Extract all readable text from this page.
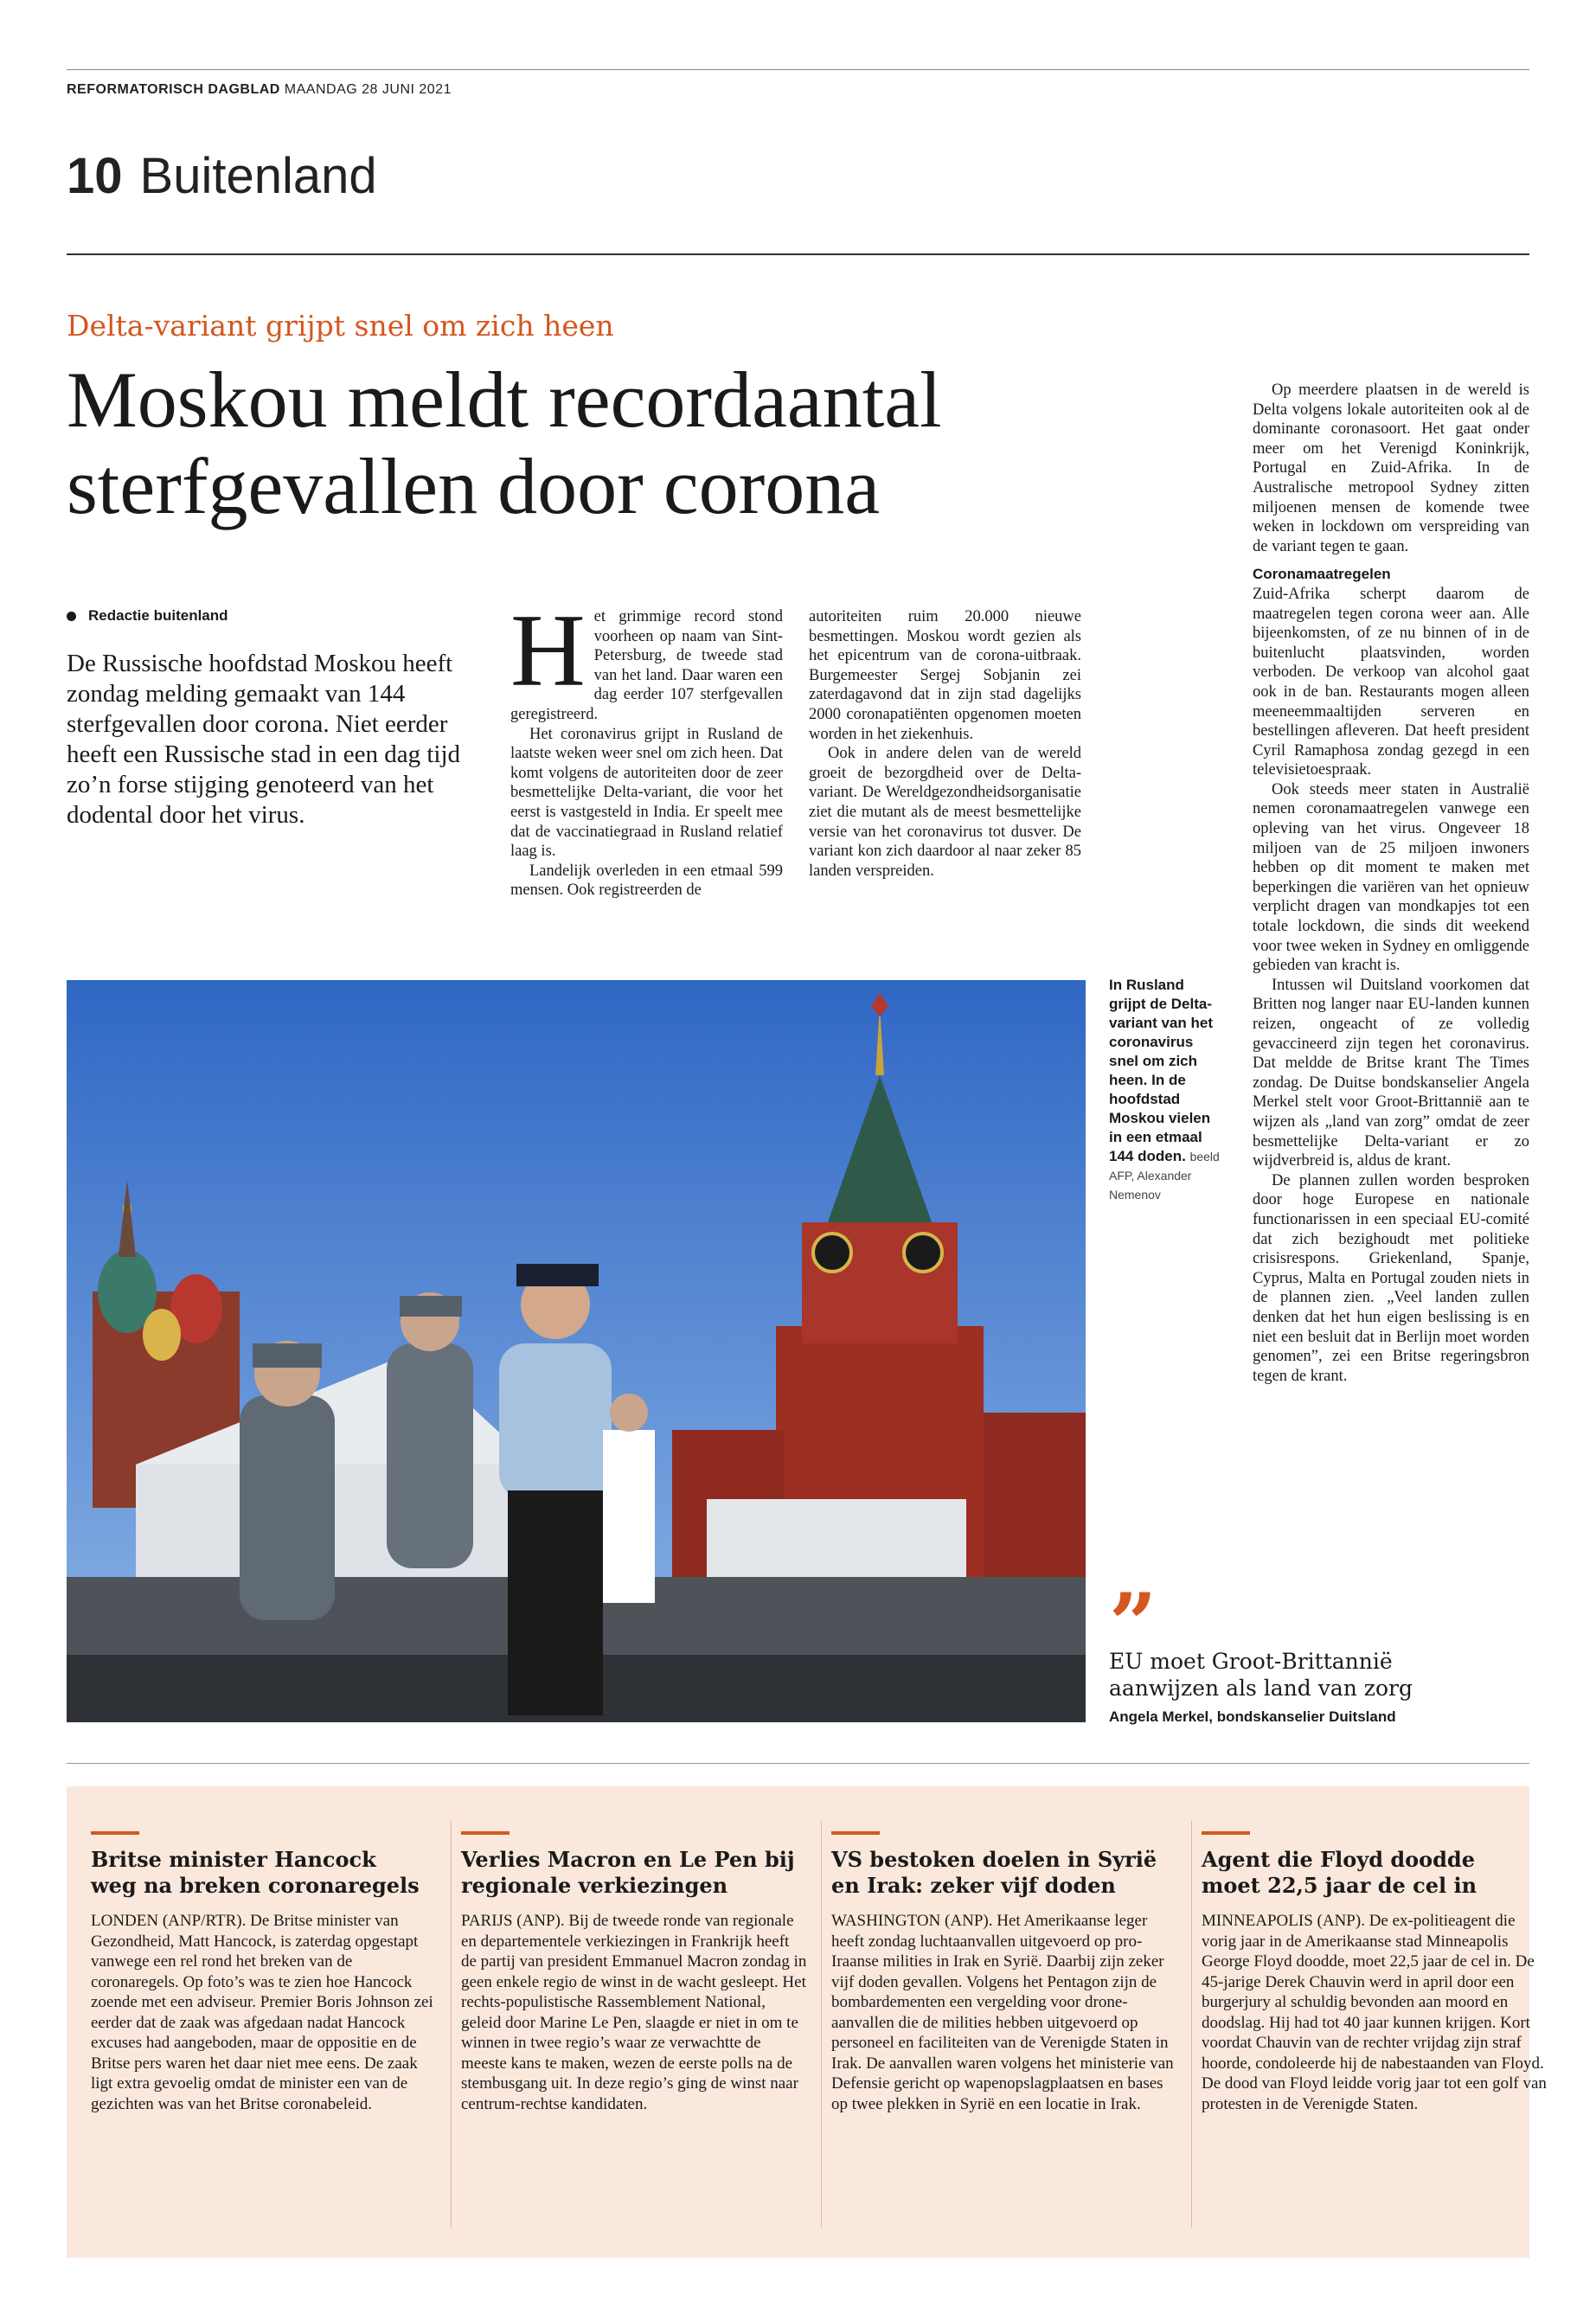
REFORMATORISCH DAGBLAD MAANDAG 28 JUNI 2021
10 Buitenland
Delta-variant grijpt snel om zich heen
Moskou meldt recordaantal sterfgevallen door corona
Redactie buitenland
De Russische hoofdstad Moskou heeft zondag melding gemaakt van 144 sterfgevallen door corona. Niet eerder heeft een Russische stad in een dag tijd zo’n forse stijging genoteerd van het dodental door het virus.
H et grimmige record stond voorheen op naam van Sint-Petersburg, de tweede stad van het land. Daar waren een dag eerder 107 sterfgevallen geregistreerd.

Het coronavirus grijpt in Rusland de laatste weken weer snel om zich heen. Dat komt volgens de autoriteiten door de zeer besmettelijke Delta-variant, die voor het eerst is vastgesteld in India. Er speelt mee dat de vaccinatiegraad in Rusland relatief laag is.

Landelijk overleden in een etmaal 599 mensen. Ook registreerden de

autoriteiten ruim 20.000 nieuwe besmettingen. Moskou wordt gezien als het epicentrum van de corona-uitbraak. Burgemeester Sergej Sobjanin zei zaterdagavond dat in zijn stad dagelijks 2000 coronapatiënten opgenomen moeten worden in het ziekenhuis.

Ook in andere delen van de wereld groeit de bezorgdheid over de Delta-variant. De Wereldgezondheidsorganisatie ziet die mutant als de meest besmettelijke versie van het coronavirus tot dusver. De variant kon zich daardoor al naar zeker 85 landen verspreiden.

Op meerdere plaatsen in de wereld is Delta volgens lokale autoriteiten ook al de dominante coronasoort. Het gaat onder meer om het Verenigd Koninkrijk, Portugal en Zuid-Afrika. In de Australische metropool Sydney zitten miljoenen mensen de komende twee weken in lockdown om verspreiding van de variant tegen te gaan.

Coronamaatregelen

Zuid-Afrika scherpt daarom de maatregelen tegen corona weer aan. Alle bijeenkomsten, of ze nu binnen of in de buitenlucht plaatsvinden, worden verboden. De verkoop van alcohol gaat ook in de ban. Restaurants mogen alleen meeneemmaaltijden serveren en bestellingen afleveren. Dat heeft president Cyril Ramaphosa zondag gezegd in een televisietoespraak.

Ook steeds meer staten in Australië nemen coronamaatregelen vanwege een opleving van het virus. Ongeveer 18 miljoen van de 25 miljoen inwoners hebben op dit moment te maken met beperkingen die variëren van het opnieuw verplicht dragen van mondkapjes tot een totale lockdown, die sinds dit weekend voor twee weken in Sydney en omliggende gebieden van kracht is.

Intussen wil Duitsland voorkomen dat Britten nog langer naar EU-landen kunnen reizen, ongeacht of ze volledig gevaccineerd zijn tegen het coronavirus. Dat meldde de Britse krant The Times zondag. De Duitse bondskanselier Angela Merkel stelt voor Groot-Brittannië aan te wijzen als „land van zorg” omdat de zeer besmettelijke Delta-variant er zo wijdverbreid is, aldus de krant.

De plannen zullen worden besproken door hoge Europese en nationale functionarissen in een speciaal EU-comité dat zich bezighoudt met politieke crisisrespons. Griekenland, Spanje, Cyprus, Malta en Portugal zouden niets in de plannen zien. „Veel landen zullen denken dat het hun eigen beslissing is en niet een besluit dat in Berlijn moet worden genomen”, zei een Britse regeringsbron tegen de krant.

In Rusland grijpt de Delta-variant van het coronavirus snel om zich heen. In de hoofdstad Moskou vielen in een etmaal 144 doden. beeld AFP, Alexander Nemenov
”
EU moet Groot-Brittannië aanwijzen als land van zorg
Angela Merkel, bondskanselier Duitsland
Britse minister Hancock weg na breken coronaregels
LONDEN (ANP/RTR). De Britse minister van Gezondheid, Matt Hancock, is zaterdag opgestapt vanwege een rel rond het breken van de coronaregels. Op foto’s was te zien hoe Hancock zoende met een adviseur. Premier Boris Johnson zei eerder dat de zaak was afgedaan nadat Hancock excuses had aangeboden, maar de oppositie en de Britse pers waren het daar niet mee eens. De zaak ligt extra gevoelig omdat de minister een van de gezichten was van het Britse coronabeleid.
Verlies Macron en Le Pen bij regionale verkiezingen
PARIJS (ANP). Bij de tweede ronde van regionale en departementele verkiezingen in Frankrijk heeft de partij van president Emmanuel Macron zondag in geen enkele regio de winst in de wacht gesleept. Het rechts-populistische Rassemblement National, geleid door Marine Le Pen, slaagde er niet in om te winnen in twee regio’s waar ze verwachtte de meeste kans te maken, wezen de eerste polls na de stembusgang uit. In deze regio’s ging de winst naar centrum-rechtse kandidaten.
VS bestoken doelen in Syrië en Irak: zeker vijf doden
WASHINGTON (ANP). Het Amerikaanse leger heeft zondag luchtaanvallen uitgevoerd op pro-Iraanse milities in Irak en Syrië. Daarbij zijn zeker vijf doden gevallen. Volgens het Pentagon zijn de bombardementen een vergelding voor drone-aanvallen die de milities hebben uitgevoerd op personeel en faciliteiten van de Verenigde Staten in Irak. De aanvallen waren volgens het ministerie van Defensie gericht op wapenopslagplaatsen en bases op twee plekken in Syrië en een locatie in Irak.
Agent die Floyd doodde moet 22,5 jaar de cel in
MINNEAPOLIS (ANP). De ex-politieagent die vorig jaar in de Amerikaanse stad Minneapolis George Floyd doodde, moet 22,5 jaar de cel in. De 45-jarige Derek Chauvin werd in april door een burgerjury al schuldig bevonden aan moord en doodslag. Hij had tot 40 jaar kunnen krijgen. Kort voordat Chauvin van de rechter vrijdag zijn straf hoorde, condoleerde hij de nabestaanden van Floyd. De dood van Floyd leidde vorig jaar tot een golf van protesten in de Verenigde Staten.
